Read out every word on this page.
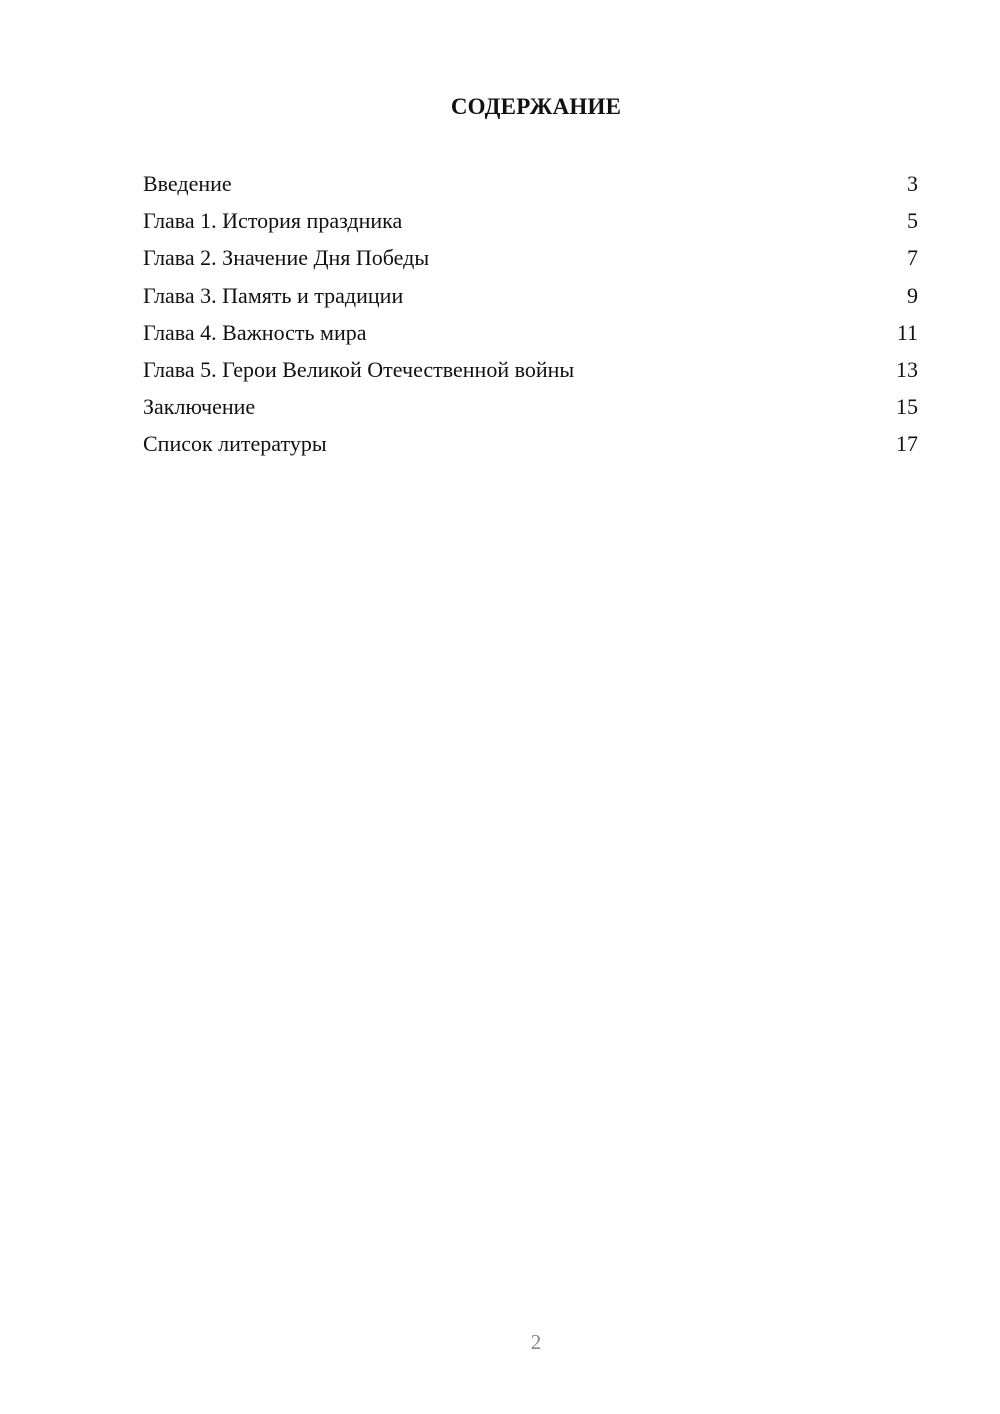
СОДЕРЖАНИЕ
Введение	3
Глава 1. История праздника	5
Глава 2. Значение Дня Победы	7
Глава 3. Память и традиции	9
Глава 4. Важность мира	11
Глава 5. Герои Великой Отечественной войны	13
Заключение	15
Список литературы	17
2
